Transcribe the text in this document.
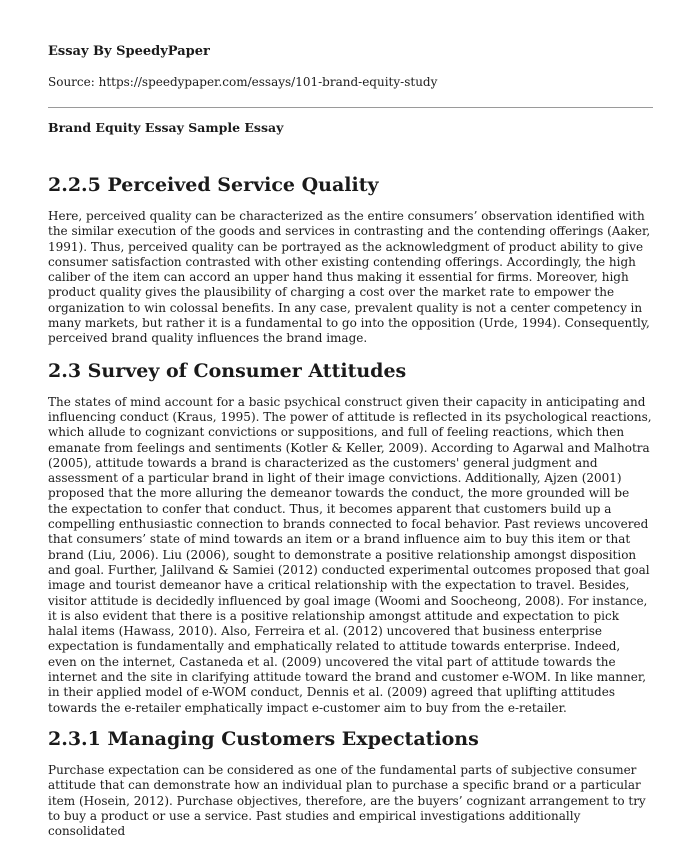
Essay By SpeedyPaper
Source: https://speedypaper.com/essays/101-brand-equity-study
Brand Equity Essay Sample Essay
2.2.5 Perceived Service Quality

Here, perceived quality can be characterized as the entire consumers’ observation identified with the similar execution of the goods and services in contrasting and the contending offerings (Aaker, 1991). Thus, perceived quality can be portrayed as the acknowledgment of product ability to give consumer satisfaction contrasted with other existing contending offerings. Accordingly, the high caliber of the item can accord an upper hand thus making it essential for firms. Moreover, high product quality gives the plausibility of charging a cost over the market rate to empower the organization to win colossal benefits. In any case, prevalent quality is not a center competency in many markets, but rather it is a fundamental to go into the opposition (Urde, 1994). Consequently, perceived brand quality influences the brand image.

2.3 Survey of Consumer Attitudes

The states of mind account for a basic psychical construct given their capacity in anticipating and influencing conduct (Kraus, 1995). The power of attitude is reflected in its psychological reactions, which allude to cognizant convictions or suppositions, and full of feeling reactions, which then emanate from feelings and sentiments (Kotler & Keller, 2009). According to Agarwal and Malhotra (2005), attitude towards a brand is characterized as the customers' general judgment and assessment of a particular brand in light of their image convictions. Additionally, Ajzen (2001) proposed that the more alluring the demeanor towards the conduct, the more grounded will be the expectation to confer that conduct. Thus, it becomes apparent that customers build up a compelling enthusiastic connection to brands connected to focal behavior. Past reviews uncovered that consumers’ state of mind towards an item or a brand influence aim to buy this item or that brand (Liu, 2006). Liu (2006), sought to demonstrate a positive relationship amongst disposition and goal. Further, Jalilvand & Samiei (2012) conducted experimental outcomes proposed that goal image and tourist demeanor have a critical relationship with the expectation to travel. Besides, visitor attitude is decidedly influenced by goal image (Woomi and Soocheong, 2008). For instance, it is also evident that there is a positive relationship amongst attitude and expectation to pick halal items (Hawass, 2010). Also, Ferreira et al. (2012) uncovered that business enterprise expectation is fundamentally and emphatically related to attitude towards enterprise. Indeed, even on the internet, Castaneda et al. (2009) uncovered the vital part of attitude towards the internet and the site in clarifying attitude toward the brand and customer e-WOM. In like manner, in their applied model of e-WOM conduct, Dennis et al. (2009) agreed that uplifting attitudes towards the e-retailer emphatically impact e-customer aim to buy from the e-retailer.

2.3.1 Managing Customers Expectations

Purchase expectation can be considered as one of the fundamental parts of subjective consumer attitude that can demonstrate how an individual plan to purchase a specific brand or a particular item (Hosein, 2012). Purchase objectives, therefore, are the buyers’ cognizant arrangement to try to buy a product or use a service. Past studies and empirical investigations additionally consolidated
